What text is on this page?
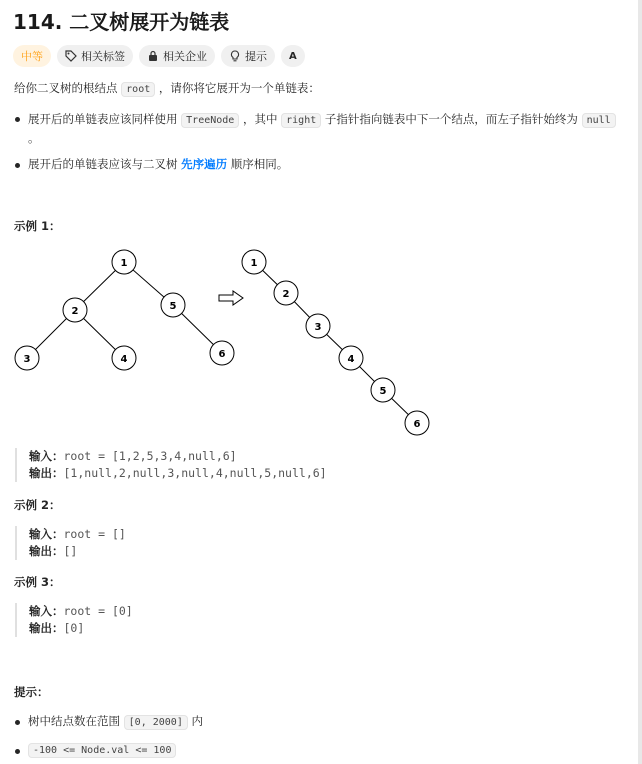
114. 二叉树展开为链表
中等	相关标签	相关企业	提示 A
给你二叉树的根结点 root ，请你将它展开为一个单链表：
展开后的单链表应该同样使用 TreeNode ，其中 right 子指针指向链表中下一个结点，而左子指针始终为 null
。
展开后的单链表应该与二叉树 先序遍历 顺序相同。
示例 1：
1
2	5
3	4	6
1
2
3
4
5
6
输入：root = [1,2,5,3,4,null,6]
输出：[1,null,2,null,3,null,4,null,5,null,6]
示例 2：
输入：root = []
输出：[]
示例 3：
输入：root = [0]
输出：[0]
提示：
树中结点数在范围 [0, 2000] 内
-100 <= Node.val <= 100
